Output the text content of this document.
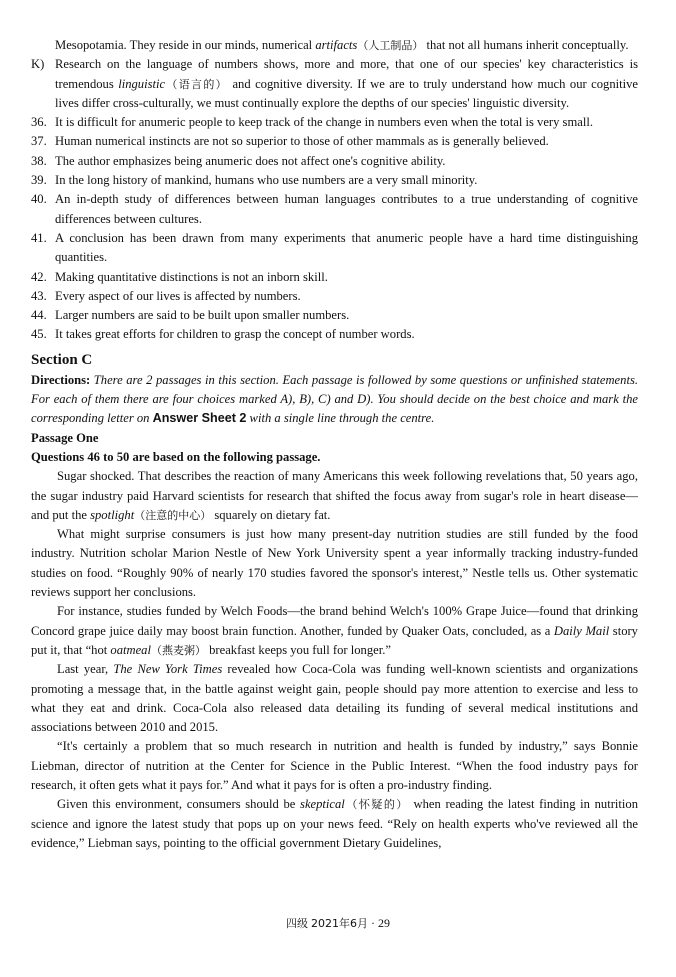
Mesopotamia. They reside in our minds, numerical artifacts（人工制品） that not all humans inherit conceptually.

K) Research on the language of numbers shows, more and more, that one of our species' key characteristics is tremendous linguistic（语言的） and cognitive diversity. If we are to truly understand how much our cognitive lives differ cross-culturally, we must continually explore the depths of our species' linguistic diversity.
36. It is difficult for anumeric people to keep track of the change in numbers even when the total is very small.
37. Human numerical instincts are not so superior to those of other mammals as is generally believed.
38. The author emphasizes being anumeric does not affect one's cognitive ability.
39. In the long history of mankind, humans who use numbers are a very small minority.
40. An in-depth study of differences between human languages contributes to a true understanding of cognitive differences between cultures.
41. A conclusion has been drawn from many experiments that anumeric people have a hard time distinguishing quantities.
42. Making quantitative distinctions is not an inborn skill.
43. Every aspect of our lives is affected by numbers.
44. Larger numbers are said to be built upon smaller numbers.
45. It takes great efforts for children to grasp the concept of number words.
Section C

Directions: There are 2 passages in this section. Each passage is followed by some questions or unfinished statements. For each of them there are four choices marked A), B), C) and D). You should decide on the best choice and mark the corresponding letter on Answer Sheet 2 with a single line through the centre.

Passage One

Questions 46 to 50 are based on the following passage.

Sugar shocked. That describes the reaction of many Americans this week following revelations that, 50 years ago, the sugar industry paid Harvard scientists for research that shifted the focus away from sugar's role in heart disease—and put the spotlight（注意的中心） squarely on dietary fat.

What might surprise consumers is just how many present-day nutrition studies are still funded by the food industry. Nutrition scholar Marion Nestle of New York University spent a year informally tracking industry-funded studies on food. “Roughly 90% of nearly 170 studies favored the sponsor's interest,” Nestle tells us. Other systematic reviews support her conclusions.

For instance, studies funded by Welch Foods—the brand behind Welch's 100% Grape Juice—found that drinking Concord grape juice daily may boost brain function. Another, funded by Quaker Oats, concluded, as a Daily Mail story put it, that “hot oatmeal（燕麦粥） breakfast keeps you full for longer.”

Last year, The New York Times revealed how Coca-Cola was funding well-known scientists and organizations promoting a message that, in the battle against weight gain, people should pay more attention to exercise and less to what they eat and drink. Coca-Cola also released data detailing its funding of several medical institutions and associations between 2010 and 2015.

“It's certainly a problem that so much research in nutrition and health is funded by industry,” says Bonnie Liebman, director of nutrition at the Center for Science in the Public Interest. “When the food industry pays for research, it often gets what it pays for.” And what it pays for is often a pro-industry finding.

Given this environment, consumers should be skeptical（怀疑的） when reading the latest finding in nutrition science and ignore the latest study that pops up on your news feed. “Rely on health experts who've reviewed all the evidence,” Liebman says, pointing to the official government Dietary Guidelines,

四级 2021年6月 · 29
